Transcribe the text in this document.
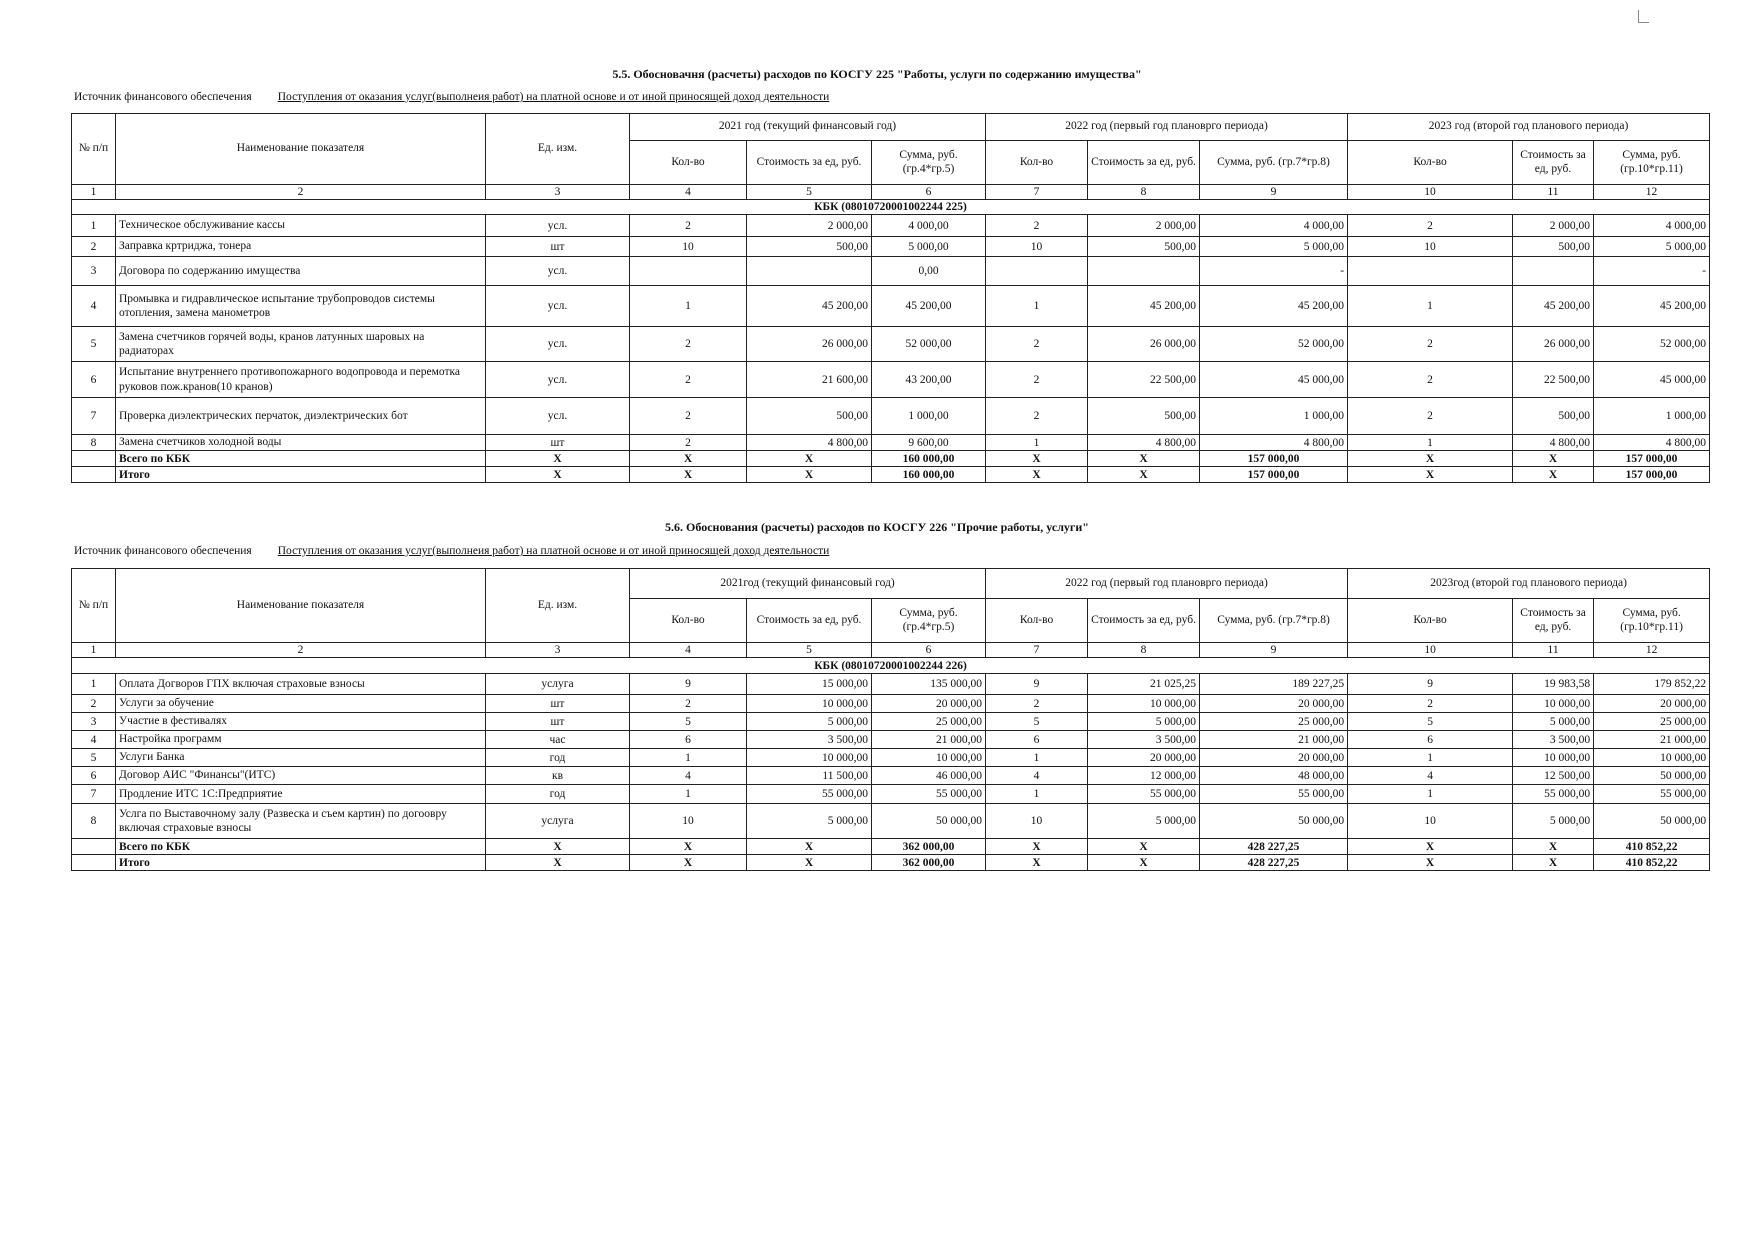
5.5. Обосновачня (расчеты) расходов по КОСГУ 225 "Работы, услуги по содержанию имущества"
Источник финансового обеспечения Поступления от оказания услуг(выполнеия работ) на платной основе и от иной приносящей доход деятельности
№ п/п	Наименование показателя	Ед. изм.	2021 год (текущий финансовый год)			2022 год (первый год плановрго периода)			2023 год (второй год планового периода)		
			Кол-во	Стоимость за ед, руб.	Сумма, руб. (гр.4*гр.5)	Кол-во	Стоимость за ед, руб.	Сумма, руб. (гр.7*гр.8)	Кол-во	Стоимость за ед, руб.	Сумма, руб. (гр.10*гр.11)
1	2	3	4	5	6	7	8	9	10	11	12
КБК (08010720001002244 225)											
1	Техническое обслуживание кассы	усл.	2	2 000,00	4 000,00	2	2 000,00	4 000,00	2	2 000,00	4 000,00
2	Заправка кртриджа, тонера	шт	10	500,00	5 000,00	10	500,00	5 000,00	10	500,00	5 000,00
3	Договора по содержанию имущества	усл.			0,00			-			-
4	Промывка и гидравлическое испытание трубопроводов системы отопления, замена манометров	усл.	1	45 200,00	45 200,00	1	45 200,00	45 200,00	1	45 200,00	45 200,00
5	Замена счетчиков горячей воды, кранов латунных шаровых на радиаторах	усл.	2	26 000,00	52 000,00	2	26 000,00	52 000,00	2	26 000,00	52 000,00
6	Испытание внутреннего противопожарного водопровода и перемотка руковов пож.кранов(10 кранов)	усл.	2	21 600,00	43 200,00	2	22 500,00	45 000,00	2	22 500,00	45 000,00
7	Проверка диэлектрических перчаток, диэлектрических бот	усл.	2	500,00	1 000,00	2	500,00	1 000,00	2	500,00	1 000,00
8	Замена счетчиков холодной воды	шт	2	4 800,00	9 600,00	1	4 800,00	4 800,00	1	4 800,00	4 800,00
	Всего по КБК	X	X	X	160 000,00	X	X	157 000,00	X	X	157 000,00
	Итого	X	X	X	160 000,00	X	X	157 000,00	X	X	157 000,00
5.6. Обоснования (расчеты) расходов по КОСГУ 226 "Прочие работы, услуги"
Источник финансового обеспечения Поступления от оказания услуг(выполнеия работ) на платной основе и от иной приносящей доход деятельности
№ п/п	Наименование показателя	Ед. изм.	2021год (текущий финансовый год)			2022 год (первый год плановрго периода)			2023год (второй год планового периода)		
			Кол-во	Стоимость за ед, руб.	Сумма, руб. (гр.4*гр.5)	Кол-во	Стоимость за ед, руб.	Сумма, руб. (гр.7*гр.8)	Кол-во	Стоимость за ед, руб.	Сумма, руб. (гр.10*гр.11)
1	2	3	4	5	6	7	8	9	10	11	12
КБК (08010720001002244 226)											
1	Оплата Догворов ГПХ включая страховые взносы	услуга	9	15 000,00	135 000,00	9	21 025,25	189 227,25	9	19 983,58	179 852,22
2	Услуги за обучение	шт	2	10 000,00	20 000,00	2	10 000,00	20 000,00	2	10 000,00	20 000,00
3	Участие в фестивалях	шт	5	5 000,00	25 000,00	5	5 000,00	25 000,00	5	5 000,00	25 000,00
4	Настройка программ	час	6	3 500,00	21 000,00	6	3 500,00	21 000,00	6	3 500,00	21 000,00
5	Услуги Банка	год	1	10 000,00	10 000,00	1	20 000,00	20 000,00	1	10 000,00	10 000,00
6	Договор АИС "Финансы"(ИТС)	кв	4	11 500,00	46 000,00	4	12 000,00	48 000,00	4	12 500,00	50 000,00
7	Продление ИТС 1С:Предприятие	год	1	55 000,00	55 000,00	1	55 000,00	55 000,00	1	55 000,00	55 000,00
8	Услга по Выставочному залу (Развеска и съем картин) по догоовру включая страховые взносы	услуга	10	5 000,00	50 000,00	10	5 000,00	50 000,00	10	5 000,00	50 000,00
	Всего по КБК	X	X	X	362 000,00	X	X	428 227,25	X	X	410 852,22
	Итого	X	X	X	362 000,00	X	X	428 227,25	X	X	410 852,22
